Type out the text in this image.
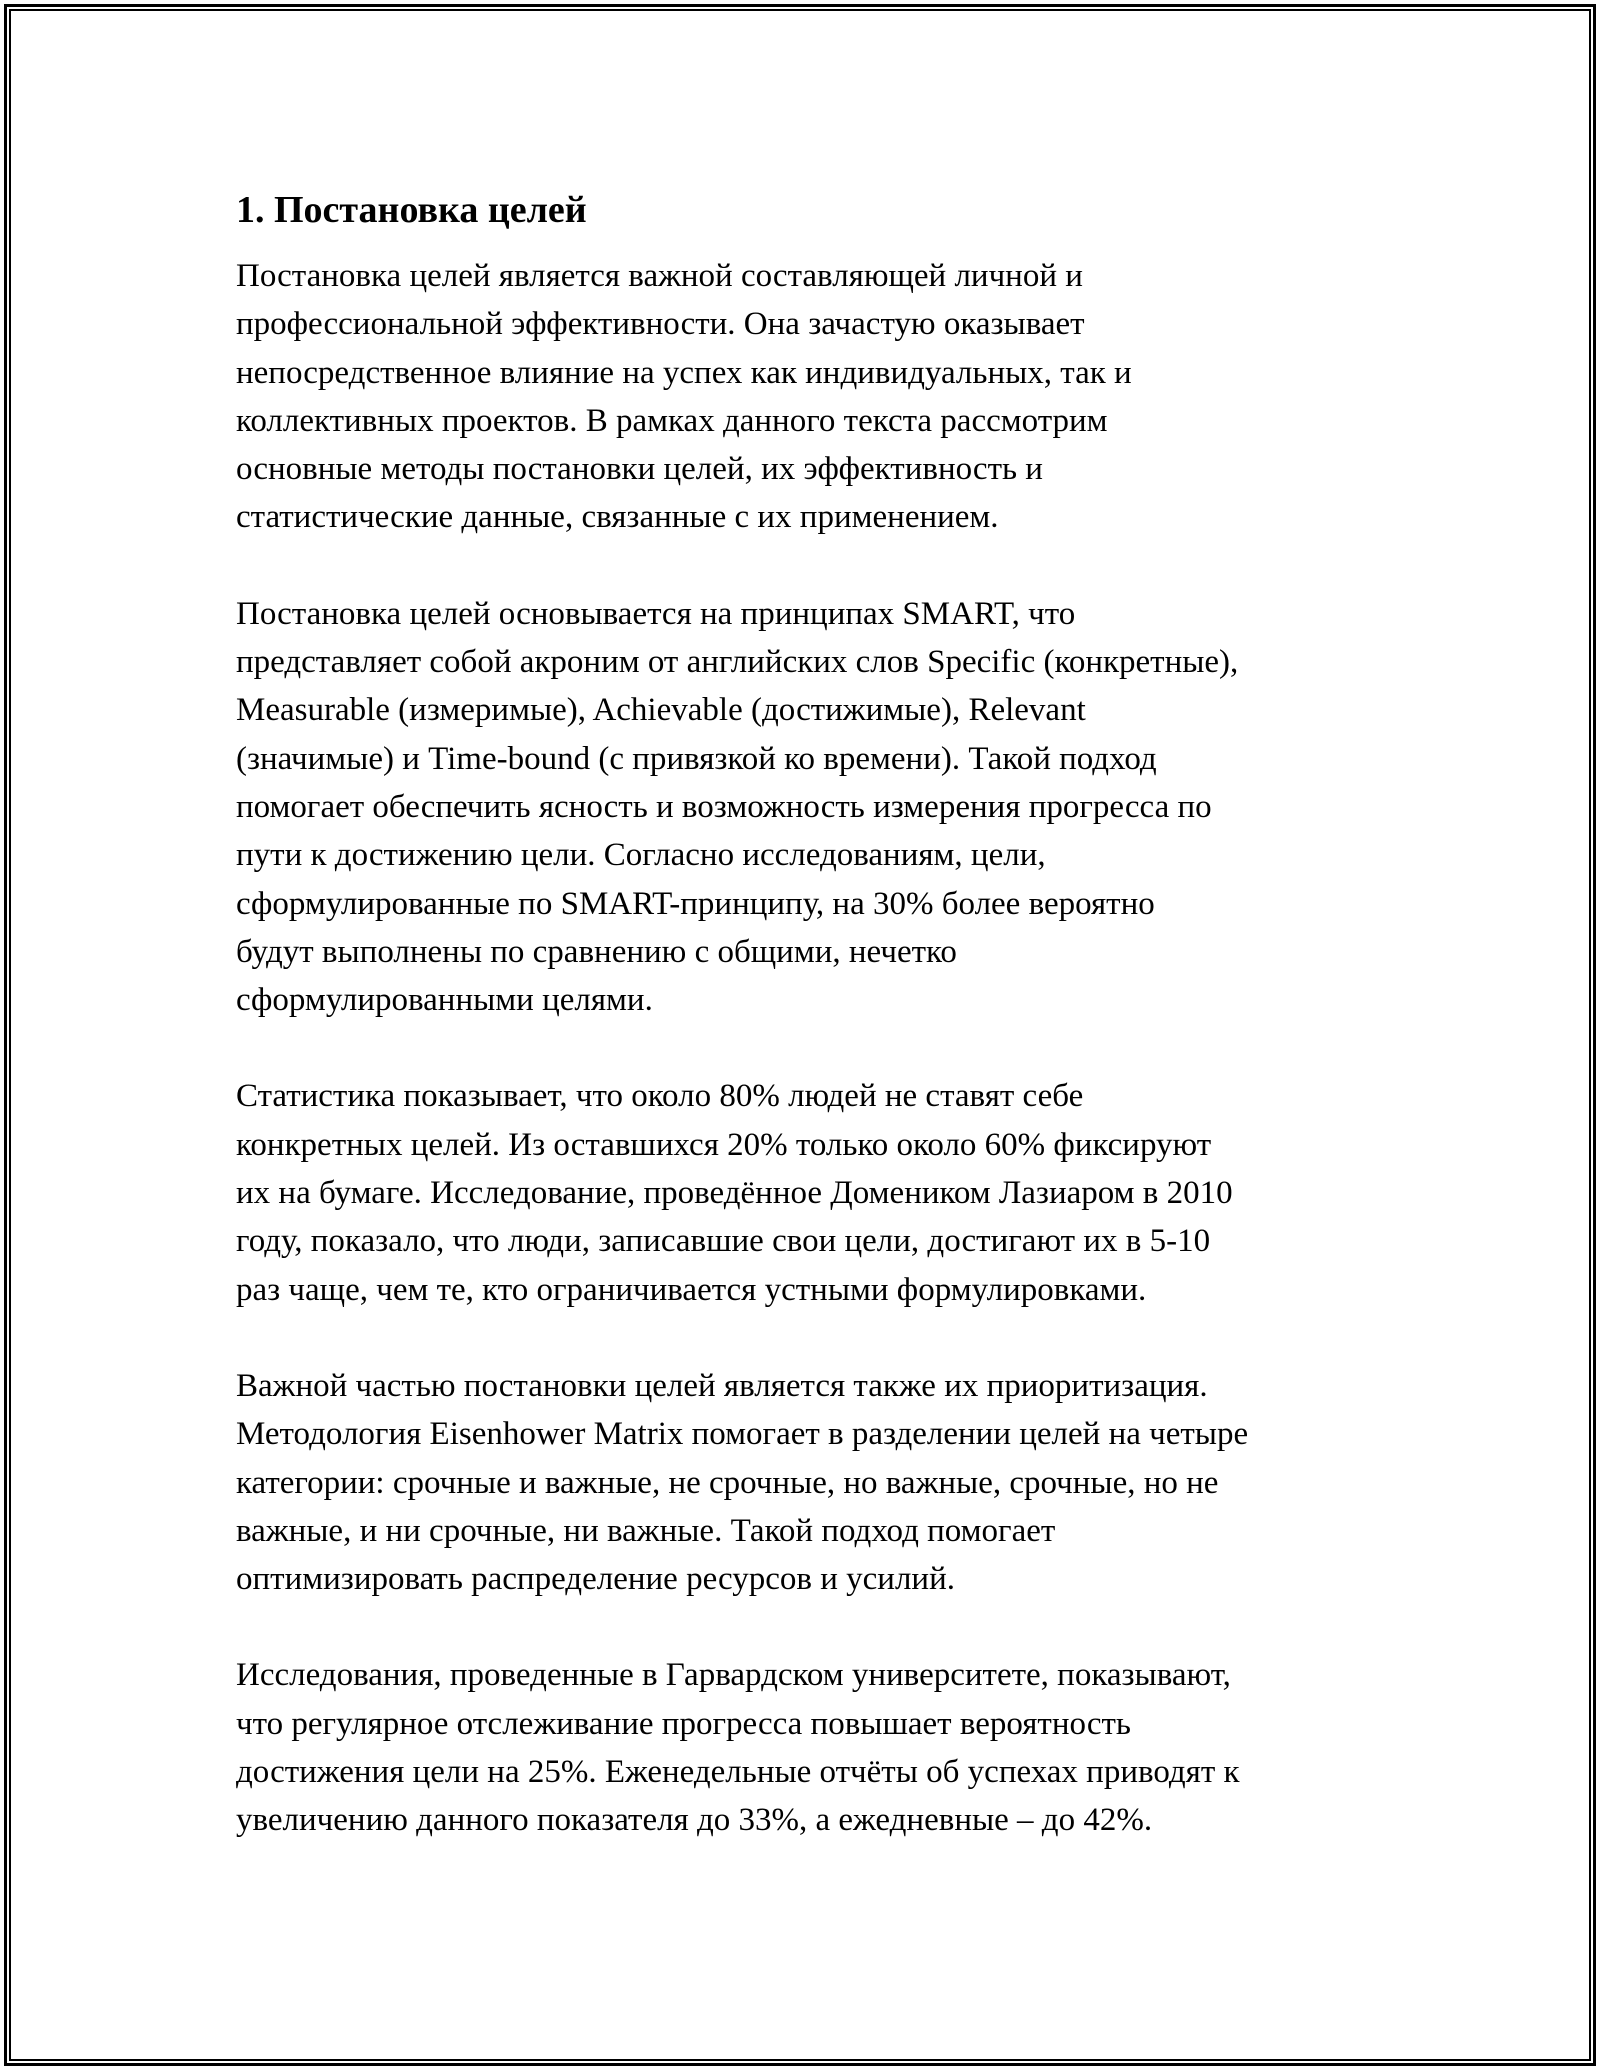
1. Постановка целей

Постановка целей является важной составляющей личной и
профессиональной эффективности. Она зачастую оказывает
непосредственное влияние на успех как индивидуальных, так и
коллективных проектов. В рамках данного текста рассмотрим
основные методы постановки целей, их эффективность и
статистические данные, связанные с их применением.

Постановка целей основывается на принципах SMART, что
представляет собой акроним от английских слов Specific (конкретные),
Measurable (измеримые), Achievable (достижимые), Relevant
(значимые) и Time-bound (с привязкой ко времени). Такой подход
помогает обеспечить ясность и возможность измерения прогресса по
пути к достижению цели. Согласно исследованиям, цели,
сформулированные по SMART-принципу, на 30% более вероятно
будут выполнены по сравнению с общими, нечетко
сформулированными целями.

Статистика показывает, что около 80% людей не ставят себе
конкретных целей. Из оставшихся 20% только около 60% фиксируют
их на бумаге. Исследование, проведённое Домеником Лазиаром в 2010
году, показало, что люди, записавшие свои цели, достигают их в 5-10
раз чаще, чем те, кто ограничивается устными формулировками.

Важной частью постановки целей является также их приоритизация.
Методология Eisenhower Matrix помогает в разделении целей на четыре
категории: срочные и важные, не срочные, но важные, срочные, но не
важные, и ни срочные, ни важные. Такой подход помогает
оптимизировать распределение ресурсов и усилий.

Исследования, проведенные в Гарвардском университете, показывают,
что регулярное отслеживание прогресса повышает вероятность
достижения цели на 25%. Еженедельные отчёты об успехах приводят к
увеличению данного показателя до 33%, а ежедневные – до 42%.
